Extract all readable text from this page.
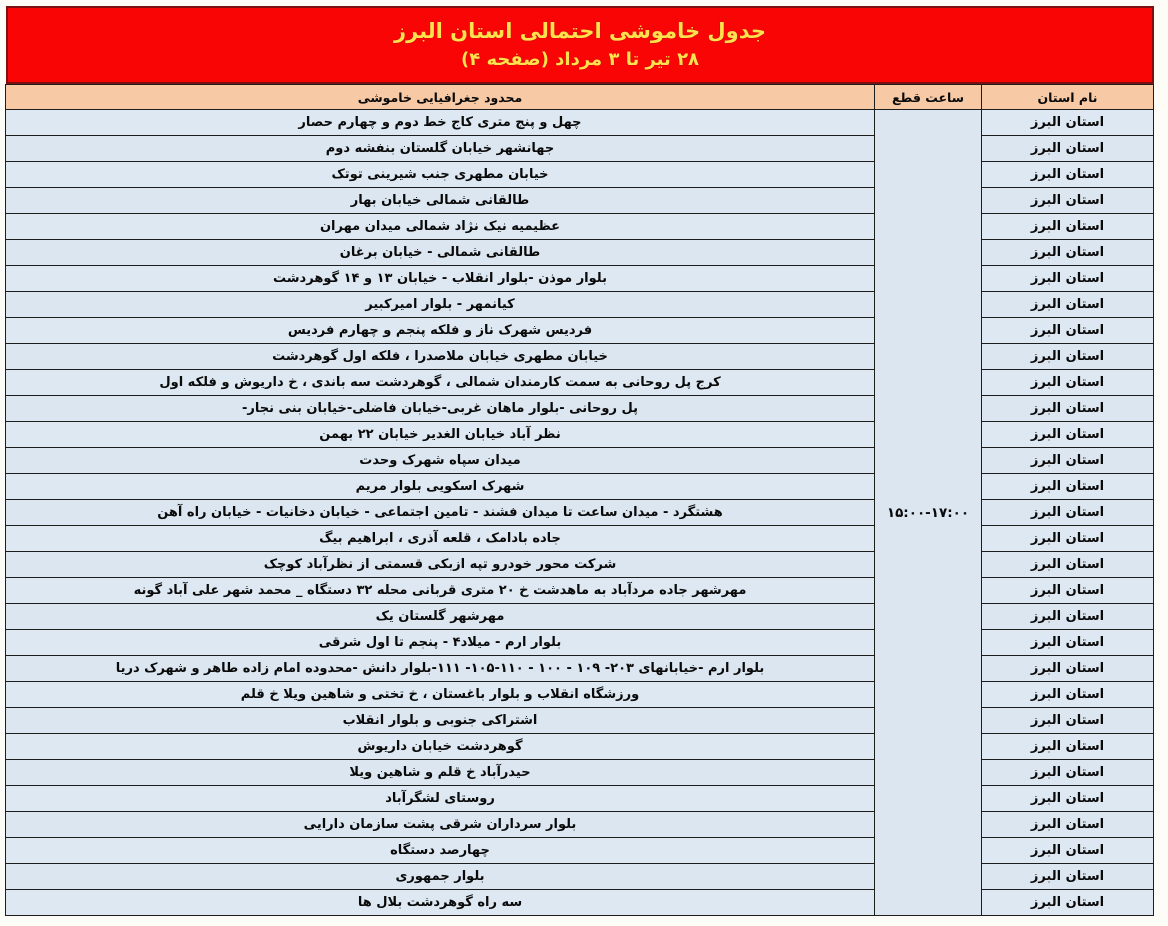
جدول خاموشی احتمالی استان البرز
۲۸ تیر تا ۳ مرداد (صفحه ۴)
نام استان	ساعت قطع	محدود جغرافیایی خاموشی
استان البرز	۱۵:۰۰-۱۷:۰۰	چهل و پنج متری کاج خط دوم و چهارم حصار
استان البرز		جهانشهر خیابان گلستان بنفشه دوم
استان البرز		خیابان مطهری جنب شیرینی توتک
استان البرز		طالقانی شمالی خیابان بهار
استان البرز		عظیمیه نیک نژاد شمالی میدان مهران
استان البرز		طالقانی شمالی - خیابان برغان
استان البرز		بلوار موذن -بلوار انقلاب - خیابان ۱۳ و ۱۴ گوهردشت
استان البرز		کیانمهر - بلوار امیرکبیر
استان البرز		فردیس شهرک ناز و فلکه پنجم و چهارم فردیس
استان البرز		خیابان مطهری خیابان ملاصدرا ، فلکه اول گوهردشت
استان البرز		کرج پل روحانی به سمت کارمندان شمالی ، گوهردشت سه باندی ، خ داریوش و فلکه اول
استان البرز		پل روحانی -بلوار ماهان غربی-خیابان فاضلی-خیابان بنی نجار-
استان البرز		نظر آباد خیابان الغدیر خیابان ۲۲ بهمن
استان البرز		میدان سپاه شهرک وحدت
استان البرز		شهرک اسکویی بلوار مریم
استان البرز		هشتگرد - میدان ساعت تا میدان فشند - تامین اجتماعی - خیابان دخانیات - خیابان راه آهن
استان البرز		جاده بادامک ، قلعه آذری ، ابراهیم بیگ
استان البرز		شرکت محور خودرو تپه ازبکی قسمتی از نظرآباد کوچک
استان البرز		مهرشهر جاده مردآباد به ماهدشت خ ۲۰ متری قربانی محله ۳۲ دستگاه _ محمد شهر علی آباد گونه
استان البرز		مهرشهر گلستان یک
استان البرز		بلوار ارم - میلاد۴ - پنجم تا اول شرقی
استان البرز		بلوار ارم -خیابانهای ۲۰۳- ۱۰۹ - ۱۰۰ - ۱۱۰-۱۰۵- ۱۱۱-بلوار دانش -محدوده امام زاده طاهر و شهرک دریا
استان البرز		ورزشگاه انقلاب و بلوار باغستان ، خ تختی و شاهین ویلا خ قلم
استان البرز		اشتراکی جنوبی و بلوار انقلاب
استان البرز		گوهردشت خیابان داریوش
استان البرز		حیدرآباد خ قلم و شاهین ویلا
استان البرز		روستای لشگرآباد
استان البرز		بلوار سرداران شرقی پشت سازمان دارایی
استان البرز		چهارصد دستگاه
استان البرز		بلوار جمهوری
استان البرز		سه راه گوهردشت بلال ها
